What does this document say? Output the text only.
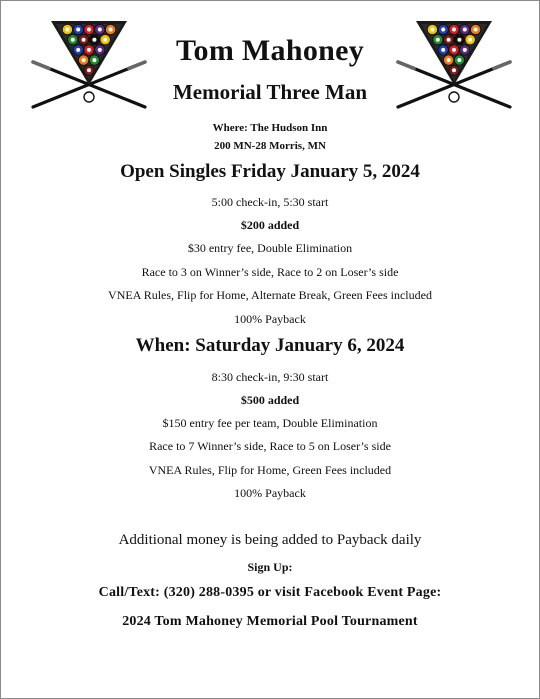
Tom Mahoney
Memorial Three Man
Where: The Hudson Inn
200 MN-28 Morris, MN
Open Singles Friday January 5, 2024
5:00 check-in, 5:30 start
$200 added
$30 entry fee, Double Elimination
Race to 3 on Winner’s side, Race to 2 on Loser’s side
VNEA Rules, Flip for Home, Alternate Break, Green Fees included
100% Payback
When: Saturday January 6, 2024
8:30 check-in, 9:30 start
$500 added
$150 entry fee per team, Double Elimination
Race to 7 Winner’s side, Race to 5 on Loser’s side
VNEA Rules, Flip for Home, Green Fees included
100% Payback
Additional money is being added to Payback daily
Sign Up:
Call/Text: (320) 288-0395 or visit Facebook Event Page:
2024 Tom Mahoney Memorial Pool Tournament
